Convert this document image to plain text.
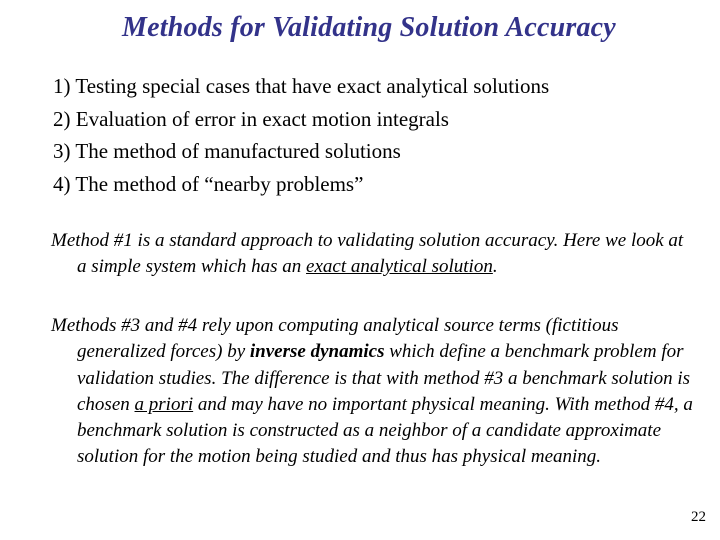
Methods for Validating Solution Accuracy
1) Testing special cases that have exact analytical solutions
2) Evaluation of error in exact motion integrals
3) The method of manufactured solutions
4) The method of “nearby problems”

Method #1 is a standard approach to validating solution accuracy. Here we look at a simple system which has an exact analytical solution.

Methods #3 and #4 rely upon computing analytical source terms (fictitious generalized forces) by inverse dynamics which define a benchmark problem for validation studies. The difference is that with method #3 a benchmark solution is chosen a priori and may have no important physical meaning. With method #4, a benchmark solution is constructed as a neighbor of a candidate approximate solution for the motion being studied and thus has physical meaning.

22
